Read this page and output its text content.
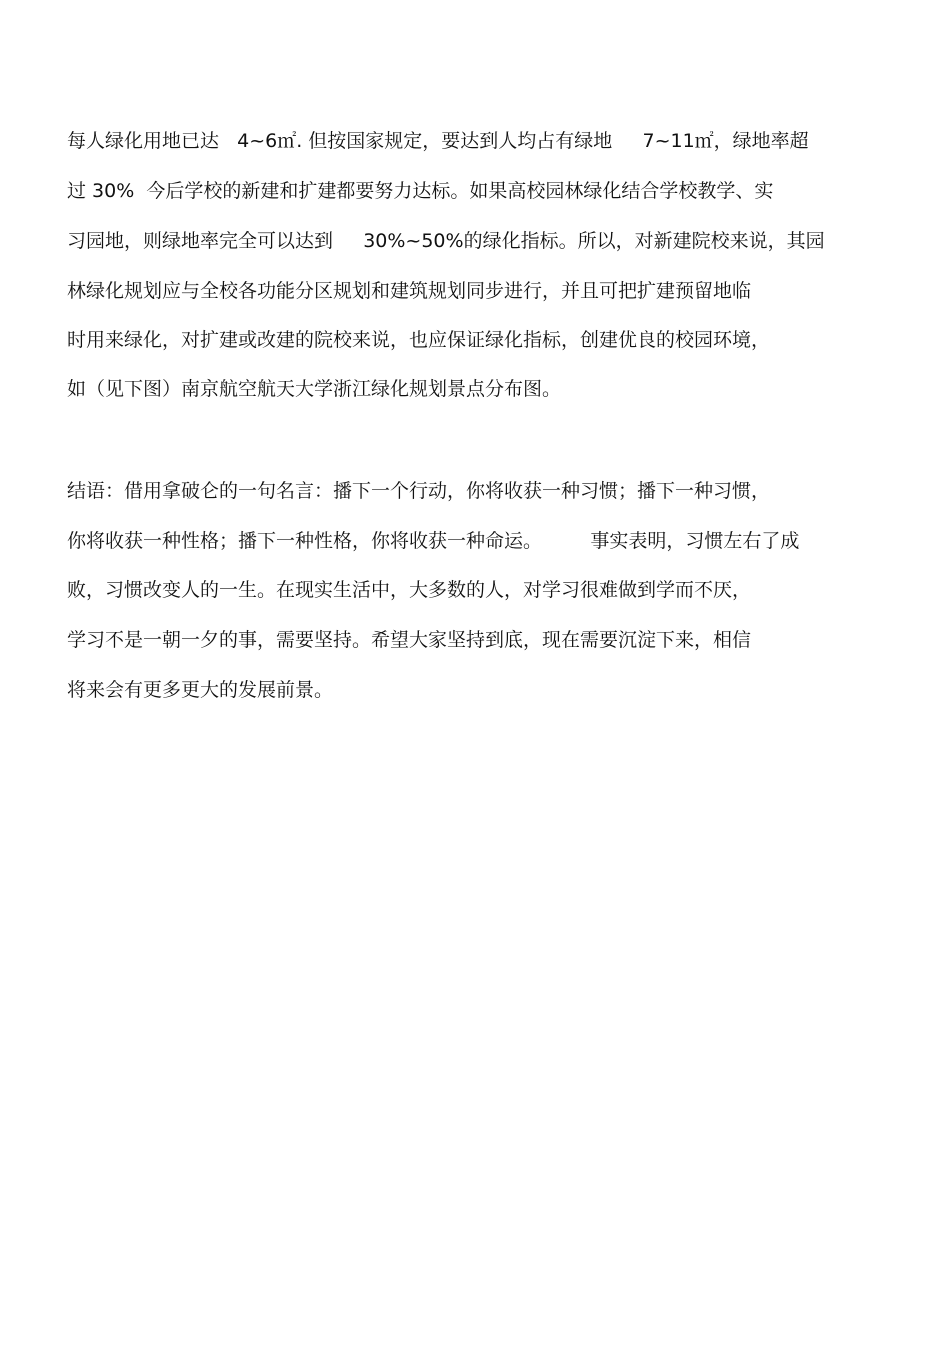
每人绿化用地已达   4~6㎡. 但按国家规定，要达到人均占有绿地     7~11㎡，绿地率超
过 30%  今后学校的新建和扩建都要努力达标。如果高校园林绿化结合学校教学、实
习园地，则绿地率完全可以达到     30%~50%的绿化指标。所以，对新建院校来说，其园
林绿化规划应与全校各功能分区规划和建筑规划同步进行，并且可把扩建预留地临
时用来绿化，对扩建或改建的院校来说，也应保证绿化指标，创建优良的校园环境，
如（见下图）南京航空航天大学浙江绿化规划景点分布图。
结语：借用拿破仑的一句名言：播下一个行动，你将收获一种习惯；播下一种习惯，
你将收获一种性格；播下一种性格，你将收获一种命运。        事实表明，习惯左右了成
败，习惯改变人的一生。在现实生活中，大多数的人，对学习很难做到学而不厌，
学习不是一朝一夕的事，需要坚持。希望大家坚持到底，现在需要沉淀下来，相信
将来会有更多更大的发展前景。
